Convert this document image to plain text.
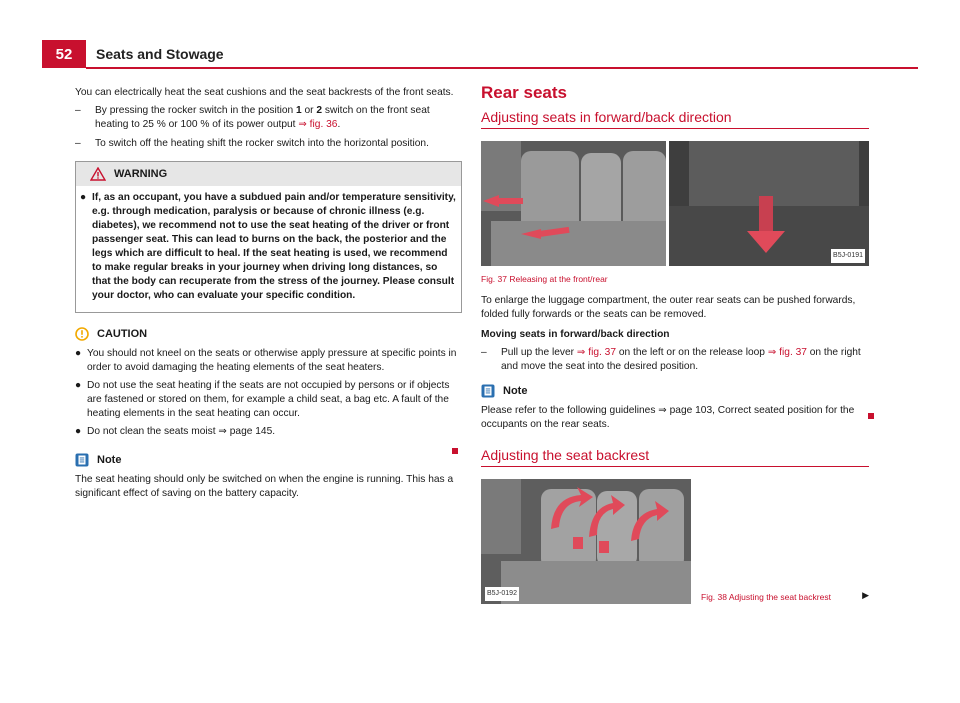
52	Seats and Stowage

You can electrically heat the seat cushions and the seat backrests of the front seats.

–	By pressing the rocker switch in the position 1 or 2 switch on the front seat heating to 25 % or 100 % of its power output ⇒ fig. 36.
–	To switch off the heating shift the rocker switch into the horizontal position.
WARNING
● If, as an occupant, you have a subdued pain and/or temperature sensitivity, e.g. through medication, paralysis or because of chronic illness (e.g. diabetes), we recommend not to use the seat heating of the driver or front passenger seat. This can lead to burns on the back, the posterior and the legs which are difficult to heal. If the seat heating is used, we recommend to make regular breaks in your journey when driving long distances, so that the body can recuperate from the stress of the journey. Please consult your doctor, who can evaluate your specific condition.
CAUTION
● You should not kneel on the seats or otherwise apply pressure at specific points in order to avoid damaging the heating elements of the seat heaters.
● Do not use the seat heating if the seats are not occupied by persons or if objects are fastened or stored on them, for example a child seat, a bag etc. A fault of the heating elements in the seat heating can occur.
● Do not clean the seats moist ⇒ page 145.
Note

The seat heating should only be switched on when the engine is running. This has a significant effect of saving on the battery capacity.

Rear seats
Adjusting seats in forward/back direction
B5J-0191
Fig. 37 Releasing at the front/rear

To enlarge the luggage compartment, the outer rear seats can be pushed forwards, folded fully forwards or the seats can be removed.

Moving seats in forward/back direction

–	Pull up the lever ⇒ fig. 37 on the left or on the release loop ⇒ fig. 37 on the right and move the seat into the desired position.
Note

Please refer to the following guidelines ⇒ page 103, Correct seated position for the occupants on the rear seats.

Adjusting the seat backrest
B5J-0192	Fig. 38 Adjusting the seat backrest	▶
